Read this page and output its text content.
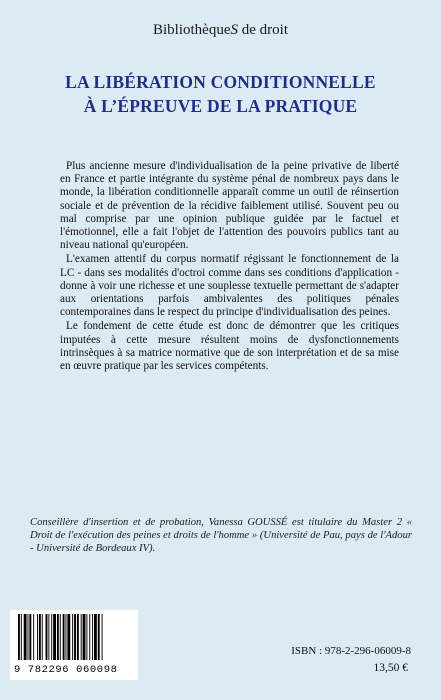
BibliothèqueS de droit
LA LIBÉRATION CONDITIONNELLE
À L’ÉPREUVE DE LA PRATIQUE

Plus ancienne mesure d'individualisation de la peine privative de liberté en France et partie intégrante du système pénal de nombreux pays dans le monde, la libération conditionnelle apparaît comme un outil de réinsertion sociale et de prévention de la récidive faiblement utilisé. Souvent peu ou mal comprise par une opinion publique guidée par le factuel et l'émotionnel, elle a fait l'objet de l'attention des pouvoirs publics tant au niveau national qu'européen.

L'examen attentif du corpus normatif régissant le fonctionnement de la LC - dans ses modalités d'octroi comme dans ses conditions d'application - donne à voir une richesse et une souplesse textuelle permettant de s'adapter aux orientations parfois ambivalentes des politiques pénales contemporaines dans le respect du principe d'individualisation des peines.

Le fondement de cette étude est donc de démontrer que les critiques imputées à cette mesure résultent moins de dysfonctionnements intrinsèques à sa matrice normative que de son interprétation et de sa mise en œuvre pratique par les services compétents.

Conseillère d'insertion et de probation, Vanessa GOUSSÉ est titulaire du Master 2 « Droit de l'exécution des peines et droits de l'homme » (Université de Pau, pays de l'Adour - Université de Bordeaux IV).
9 782296 060098
ISBN : 978-2-296-06009-8
13,50 €
